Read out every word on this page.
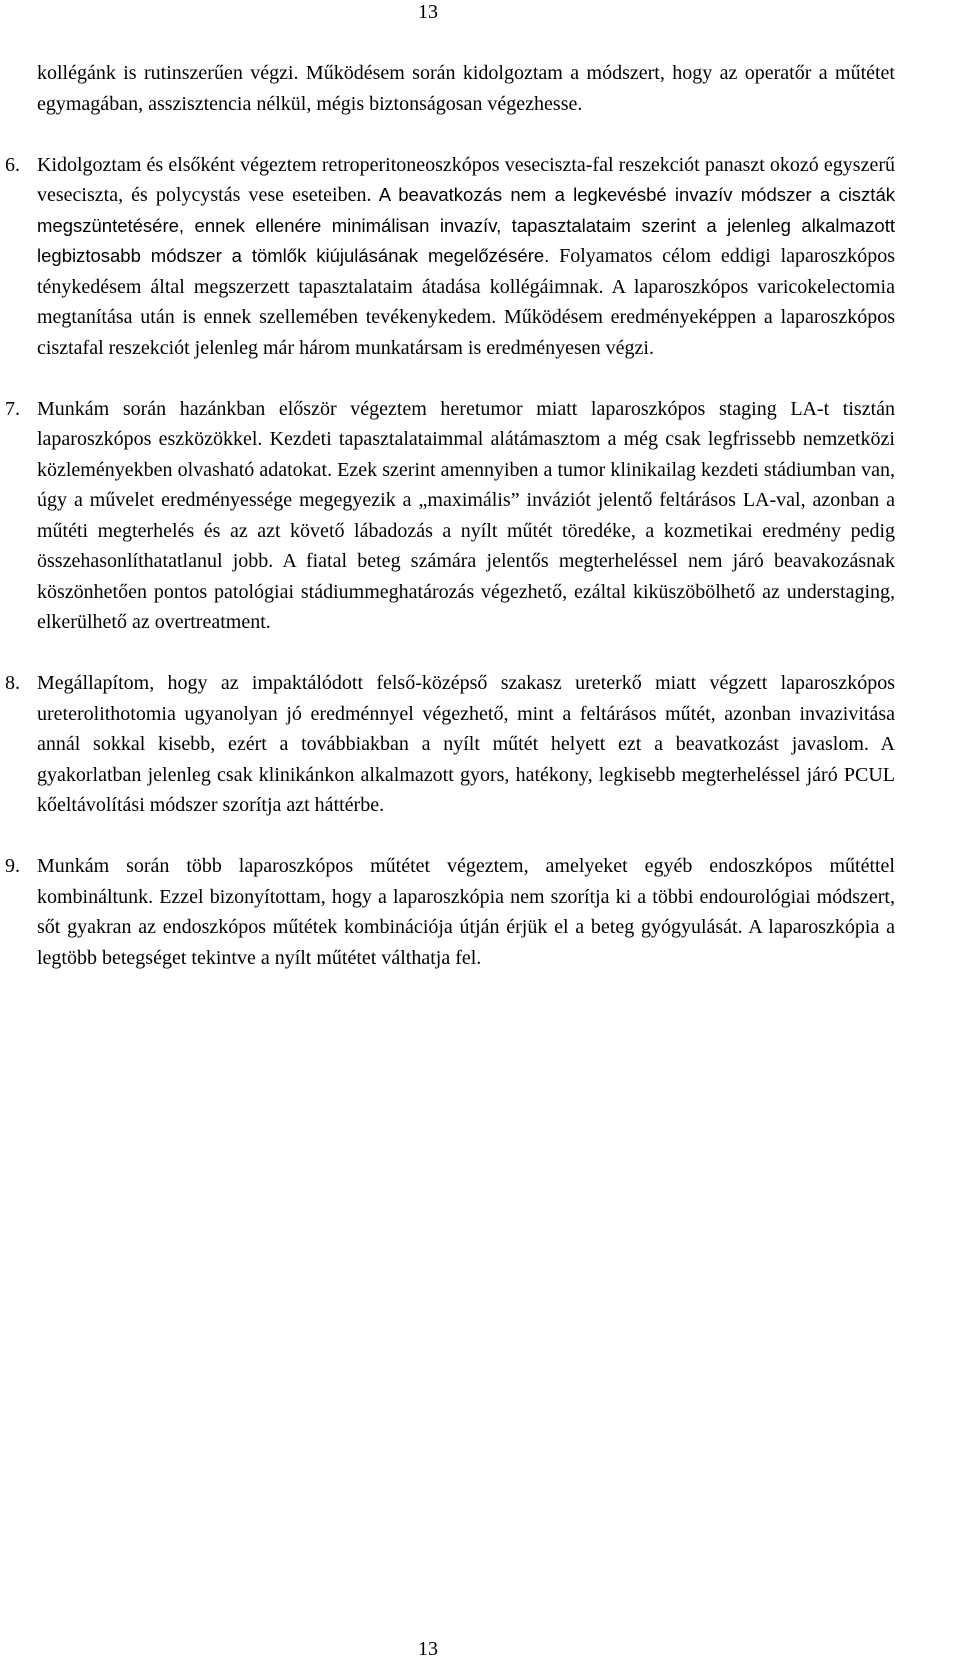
13

kollégánk is rutinszerűen végzi. Működésem során kidolgoztam a módszert, hogy az operatőr a műtétet egymagában, asszisztencia nélkül, mégis biztonságosan végezhesse.

6. Kidolgoztam és elsőként végeztem retroperitoneoszkópos veseciszta-fal reszekciót panaszt okozó egyszerű veseciszta, és polycystás vese eseteiben. A beavatkozás nem a legkevésbé invazív módszer a ciszták megszüntetésére, ennek ellenére minimálisan invazív, tapasztalataim szerint a jelenleg alkalmazott legbiztosabb módszer a tömlők kiújulásának megelőzésére. Folyamatos célom eddigi laparoszkópos ténykedésem által megszerzett tapasztalataim átadása kollégáimnak. A laparoszkópos varicokelectomia megtanítása után is ennek szellemében tevékenykedem. Működésem eredményeképpen a laparoszkópos cisztafal reszekciót jelenleg már három munkatársam is eredményesen végzi.

7. Munkám során hazánkban először végeztem heretumor miatt laparoszkópos staging LA-t tisztán laparoszkópos eszközökkel. Kezdeti tapasztalataimmal alátámasztom a még csak legfrissebb nemzetközi közleményekben olvasható adatokat. Ezek szerint amennyiben a tumor klinikailag kezdeti stádiumban van, úgy a művelet eredményessége megegyezik a „maximális” inváziót jelentő feltárásos LA-val, azonban a műtéti megterhelés és az azt követő lábadozás a nyílt műtét töredéke, a kozmetikai eredmény pedig összehasonlíthatatlanul jobb. A fiatal beteg számára jelentős megterheléssel nem járó beavakozásnak köszönhetően pontos patológiai stádiummeghatározás végezhető, ezáltal kiküszöbölhető az understaging, elkerülhető az overtreatment.

8. Megállapítom, hogy az impaktálódott felső-középső szakasz ureterkő miatt végzett laparoszkópos ureterolithotomia ugyanolyan jó eredménnyel végezhető, mint a feltárásos műtét, azonban invazivitása annál sokkal kisebb, ezért a továbbiakban a nyílt műtét helyett ezt a beavatkozást javaslom. A gyakorlatban jelenleg csak klinikánkon alkalmazott gyors, hatékony, legkisebb megterheléssel járó PCUL kőeltávolítási módszer szorítja azt háttérbe.

9. Munkám során több laparoszkópos műtétet végeztem, amelyeket egyéb endoszkópos műtéttel kombináltunk. Ezzel bizonyítottam, hogy a laparoszkópia nem szorítja ki a többi endourológiai módszert, sőt gyakran az endoszkópos műtétek kombinációja útján érjük el a beteg gyógyulását. A laparoszkópia a legtöbb betegséget tekintve a nyílt műtétet válthatja fel.

13
